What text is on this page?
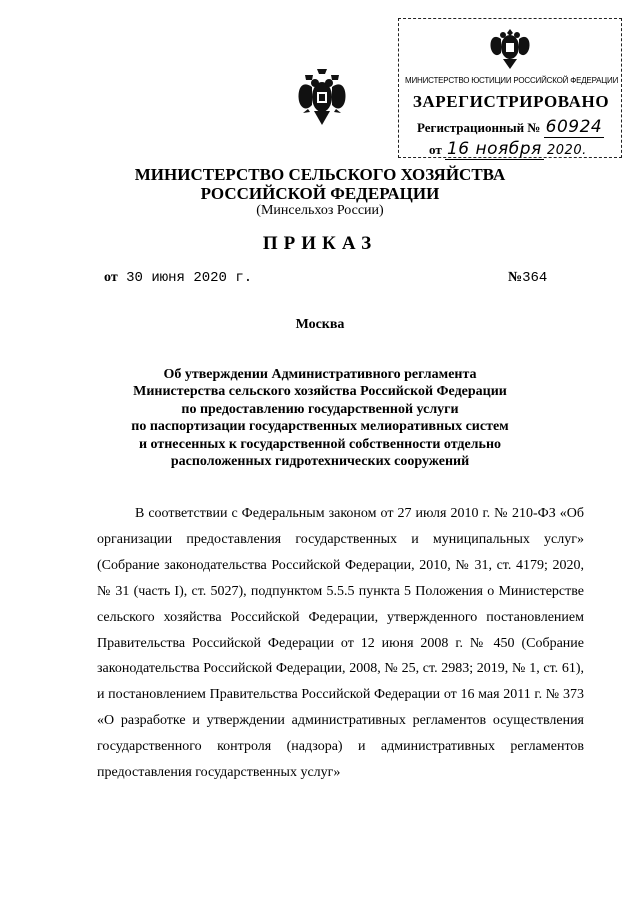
МИНИСТЕРСТВО ЮСТИЦИИ РОССИЙСКОЙ ФЕДЕРАЦИИ
ЗАРЕГИСТРИРОВАНО
Регистрационный № 60924
от 16 ноября 2020.
МИНИСТЕРСТВО СЕЛЬСКОГО ХОЗЯЙСТВА
РОССИЙСКОЙ ФЕДЕРАЦИИ
(Минсельхоз России)
ПРИКАЗ
от 30 июня 2020 г.	№364
Москва
Об утверждении Административного регламента
Министерства сельского хозяйства Российской Федерации
по предоставлению государственной услуги
по паспортизации государственных мелиоративных систем
и отнесенных к государственной собственности отдельно
расположенных гидротехнических сооружений
В соответствии с Федеральным законом от 27 июля 2010 г. № 210-ФЗ «Об организации предоставления государственных и муниципальных услуг» (Собрание законодательства Российской Федерации, 2010, № 31, ст. 4179; 2020, № 31 (часть I), ст. 5027), подпунктом 5.5.5 пункта 5 Положения о Министерстве сельского хозяйства Российской Федерации, утвержденного постановлением Правительства Российской Федерации от 12 июня 2008 г. № 450 (Собрание законодательства Российской Федерации, 2008, № 25, ст. 2983; 2019, № 1, ст. 61), и постановлением Правительства Российской Федерации от 16 мая 2011 г. № 373 «О разработке и утверждении административных регламентов осуществления государственного контроля (надзора) и административных регламентов предоставления государственных услуг»
